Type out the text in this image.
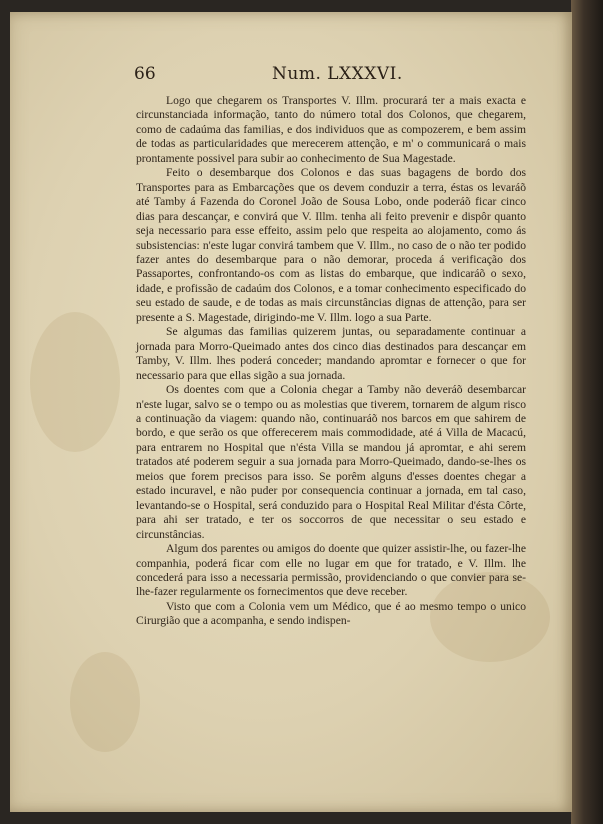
66	Num. LXXXVI.

Logo que chegarem os Transportes V. Illm. procurará ter a mais exacta e circunstanciada informação, tanto do número total dos Colonos, que chegarem, como de cadaúma das familias, e dos individuos que as compozerem, e bem assim de todas as particularidades que merecerem attenção, e m' o communicará o mais prontamente possivel para subir ao conhecimento de Sua Magestade.

Feito o desembarque dos Colonos e das suas bagagens de bordo dos Transportes para as Embarcações que os devem conduzir a terra, éstas os levaráõ até Tamby á Fazenda do Coronel João de Sousa Lobo, onde poderáõ ficar cinco dias para descançar, e convirá que V. Illm. tenha ali feito prevenir e dispôr quanto seja necessario para esse effeito, assim pelo que respeita ao alojamento, como ás subsistencias: n'este lugar convirá tambem que V. Illm., no caso de o não ter podido fazer antes do desembarque para o não demorar, proceda á verificação dos Passaportes, confrontando-os com as listas do embarque, que indicaráõ o sexo, idade, e profissão de cadaúm dos Colonos, e a tomar conhecimento especificado do seu estado de saude, e de todas as mais circunstâncias dignas de attenção, para ser presente a S. Magestade, dirigindo-me V. Illm. logo a sua Parte.

Se algumas das familias quizerem juntas, ou separadamente continuar a jornada para Morro-Queimado antes dos cinco dias destinados para descançar em Tamby, V. Illm. lhes poderá conceder; mandando apromtar e fornecer o que for necessario para que ellas sigão a sua jornada.

Os doentes com que a Colonia chegar a Tamby não deveráõ desembarcar n'este lugar, salvo se o tempo ou as molestias que tiverem, tornarem de algum risco a continuação da viagem: quando não, continuaráõ nos barcos em que sahirem de bordo, e que serão os que offerecerem mais commodidade, até á Villa de Macacú, para entrarem no Hospital que n'ésta Villa se mandou já apromtar, e ahi serem tratados até poderem seguir a sua jornada para Morro-Queimado, dando-se-lhes os meios que forem precisos para isso. Se porêm alguns d'esses doentes chegar a estado incuravel, e não puder por consequencia continuar a jornada, em tal caso, levantando-se o Hospital, será conduzido para o Hospital Real Militar d'ésta Côrte, para ahi ser tratado, e ter os soccorros de que necessitar o seu estado e circunstâncias.

Algum dos parentes ou amigos do doente que quizer assistir-lhe, ou fazer-lhe companhia, poderá ficar com elle no lugar em que for tratado, e V. Illm. lhe concederá para isso a necessaria permissão, providenciando o que convier para se-lhe-fazer regularmente os fornecimentos que deve receber.

Visto que com a Colonia vem um Médico, que é ao mesmo tempo o unico Cirurgião que a acompanha, e sendo indispen-
